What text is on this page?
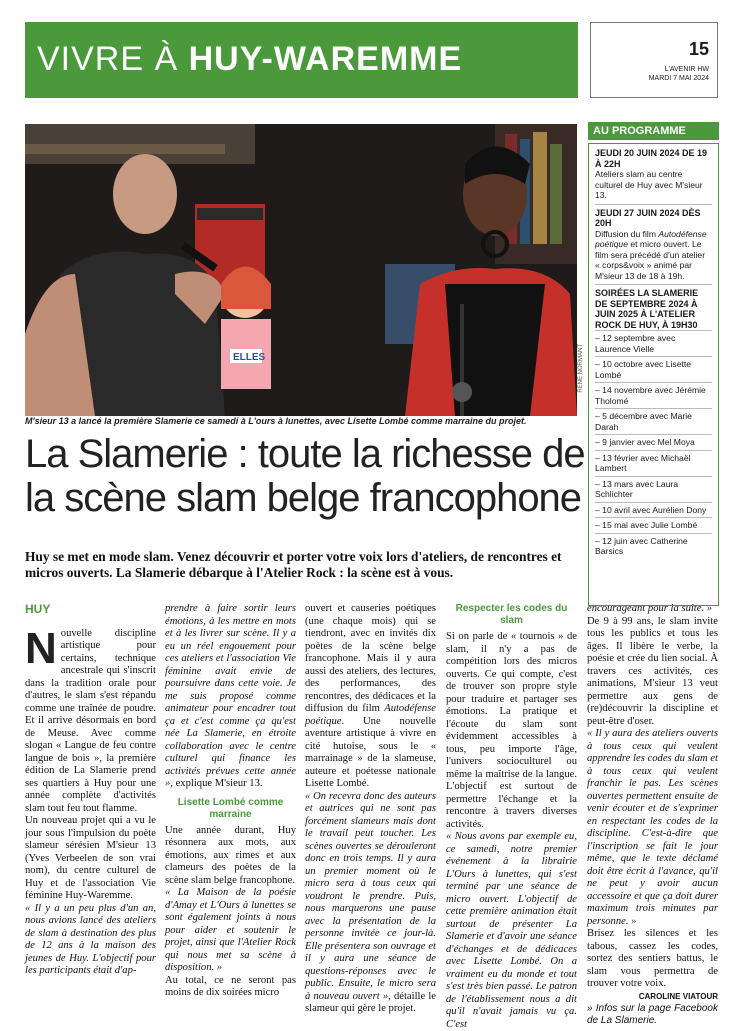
VIVRE À HUY-WAREMME	15
L'AVENIR HW
MARDI 7 MAI 2024
ELLES
M'sieur 13 a lancé la première Slamerie ce samedi à L'ours à lunettes, avec Lisette Lombé comme marraine du projet.
RENÉ NORMANT
La Slamerie : toute la richesse de
la scène slam belge francophone
Huy se met en mode slam. Venez découvrir et porter votre voix lors d'ateliers, de rencontres et micros ouverts. La Slamerie débarque à l'Atelier Rock : la scène est à vous.
HUY

Nouvelle discipline artistique pour certains, technique ancestrale qui s'inscrit dans la tradition orale pour d'autres, le slam s'est répandu comme une traînée de poudre. Et il arrive désormais en bord de Meuse. Avec comme slogan « Langue de feu contre langue de bois », la première édition de La Slamerie prend ses quartiers à Huy pour une année complète d'activités slam tout feu tout flamme.

Un nouveau projet qui a vu le jour sous l'impulsion du poète slameur sérésien M'sieur 13 (Yves Verbeelen de son vrai nom), du centre culturel de Huy et de l'association Vie féminine Huy-Waremme.

« Il y a un peu plus d'un an, nous avions lancé des ateliers de slam à destination des plus de 12 ans à la maison des jeunes de Huy. L'objectif pour les participants était d'ap-

prendre à faire sortir leurs émotions, à les mettre en mots et à les livrer sur scène. Il y a eu un réel engouement pour ces ateliers et l'association Vie féminine avait envie de poursuivre dans cette voie. Je me suis proposé comme animateur pour encadrer tout ça et c'est comme ça qu'est née La Slamerie, en étroite collaboration avec le centre culturel qui finance les activités prévues cette année », explique M'sieur 13.

Lisette Lombé comme marraine

Une année durant, Huy résonnera aux mots, aux émotions, aux rimes et aux clameurs des poètes de la scène slam belge francophone.

« La Maison de la poésie d'Amay et L'Ours à lunettes se sont également joints à nous pour aider et soutenir le projet, ainsi que l'Atelier Rock qui nous met sa scène à disposition. »

Au total, ce ne seront pas moins de dix soirées micro

ouvert et causeries poétiques (une chaque mois) qui se tiendront, avec en invités dix poètes de la scène belge francophone. Mais il y aura aussi des ateliers, des lectures, des performances, des rencontres, des dédicaces et la diffusion du film Autodéfense poétique. Une nouvelle aventure artistique à vivre en cité hutoise, sous le « marrainage » de la slameuse, auteure et poétesse nationale Lisette Lombé.

« On recevra donc des auteurs et autrices qui ne sont pas forcément slameurs mais dont le travail peut toucher. Les scènes ouvertes se dérouleront donc en trois temps. Il y aura un premier moment où le micro sera à tous ceux qui voudront le prendre. Puis, nous marquerons une pause avec la présentation de la personne invitée ce jour-là. Elle présentera son ouvrage et il y aura une séance de questions-réponses avec le public. Ensuite, le micro sera à nouveau ouvert », détaille le slameur qui gère le projet.

Respecter les codes du slam

Si on parle de « tournois » de slam, il n'y a pas de compétition lors des micros ouverts. Ce qui compte, c'est de trouver son propre style pour traduire et partager ses émotions. La pratique et l'écoute du slam sont évidemment accessibles à tous, peu importe l'âge, l'univers socioculturel ou même la maîtrise de la langue. L'objectif est surtout de permettre l'échange et la rencontre à travers diverses activités.

« Nous avons par exemple eu, ce samedi, notre premier événement à la librairie L'Ours à lunettes, qui s'est terminé par une séance de micro ouvert. L'objectif de cette première animation était surtout de présenter La Slamerie et d'avoir une séance d'échanges et de dédicaces avec Lisette Lombé. On a vraiment eu du monde et tout s'est très bien passé. Le patron de l'établissement nous a dit qu'il n'avait jamais vu ça. C'est

encourageant pour la suite. »

De 9 à 99 ans, le slam invite tous les publics et tous les âges. Il libère le verbe, la poésie et crée du lien social. À travers ces activités, ces animations, M'sieur 13 veut permettre aux gens de (re)découvrir la discipline et peut-être d'oser.

« Il y aura des ateliers ouverts à tous ceux qui veulent apprendre les codes du slam et à tous ceux qui veulent franchir le pas. Les scènes ouvertes permettent ensuite de venir écouter et de s'exprimer en respectant les codes de la discipline. C'est-à-dire que l'inscription se fait le jour même, que le texte déclamé doit être écrit à l'avance, qu'il ne peut y avoir aucun accessoire et que ça doit durer maximum trois minutes par personne. »

Brisez les silences et les tabous, cassez les codes, sortez des sentiers battus, le slam vous permettra de trouver votre voix.

CAROLINE VIATOUR
» Infos sur la page Facebook de La Slamerie.
AU PROGRAMME
JEUDI 20 JUIN 2024 DE 19 À 22H
Ateliers slam au centre culturel de Huy avec M'sieur 13.
JEUDI 27 JUIN 2024 DÈS 20H
Diffusion du film Autodéfense poétique et micro ouvert. Le film sera précédé d'un atelier « corps&voix » animé par M'sieur 13 de 18 à 19h.
SOIRÉES LA SLAMERIE DE SEPTEMBRE 2024 À JUIN 2025 À L'ATELIER ROCK DE HUY, À 19H30
– 12 septembre avec Laurence Vielle
– 10 octobre avec Lisette Lombé
– 14 novembre avec Jérémie Tholomé
– 5 décembre avec Marie Darah
– 9 janvier avec Mel Moya
– 13 février avec Michaël Lambert
– 13 mars avec Laura Schlichter
– 10 avril avec Aurélien Dony
– 15 mai avec Julie Lombé
– 12 juin avec Catherine Barsics
